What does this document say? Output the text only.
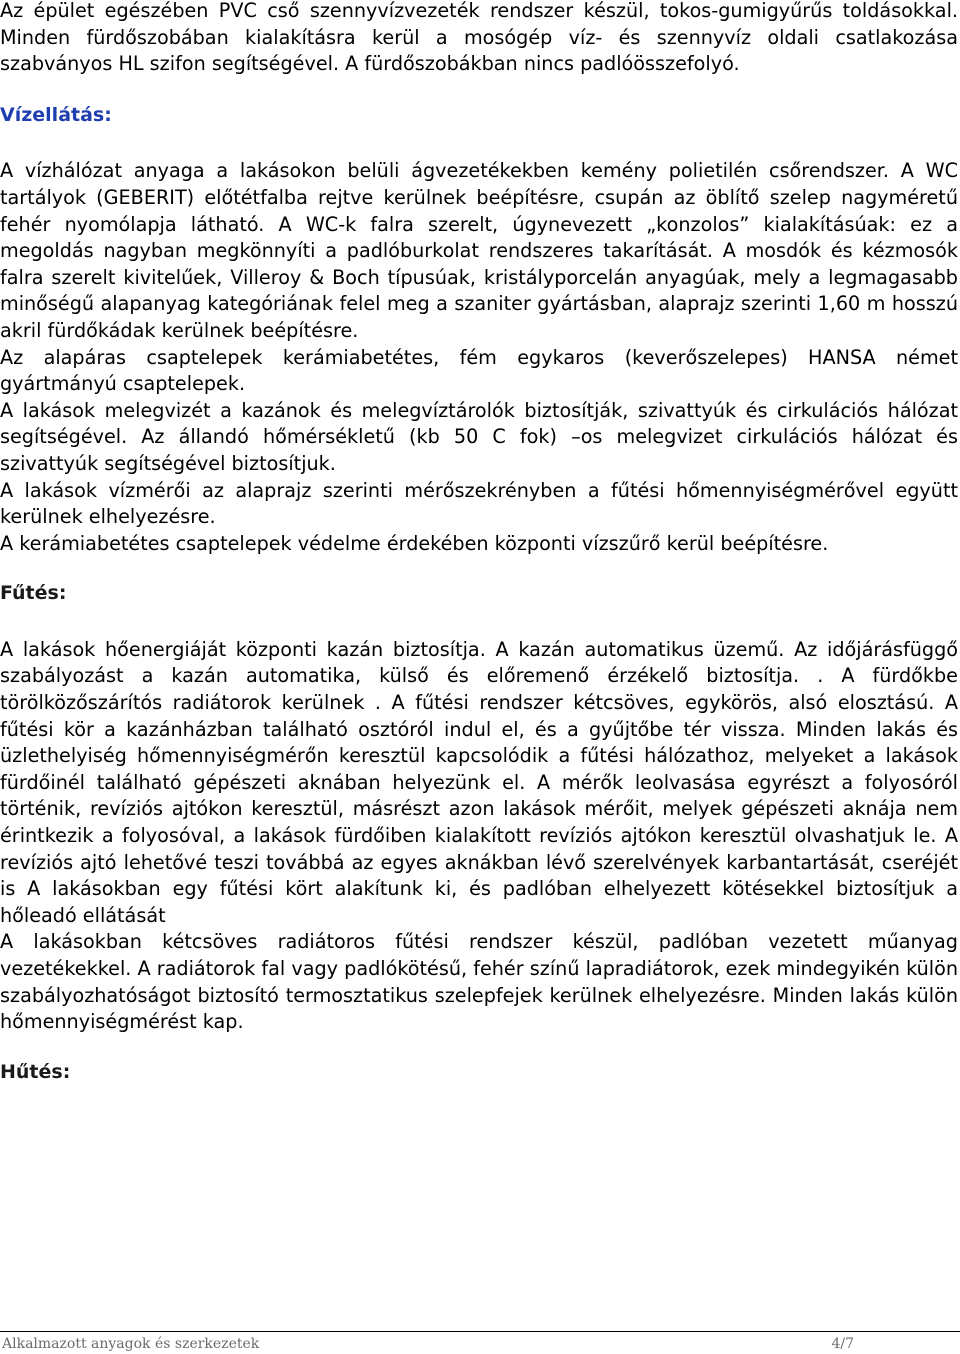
Az épület egészében PVC cső szennyvízvezeték rendszer készül, tokos-gumigyűrűs toldásokkal. Minden fürdőszobában kialakításra kerül a mosógép víz- és szennyvíz oldali csatlakozása szabványos HL szifon segítségével. A fürdőszobákban nincs padlóösszefolyó.

Vízellátás:

A vízhálózat anyaga a lakásokon belüli ágvezetékekben kemény polietilén csőrendszer. A WC tartályok (GEBERIT) előtétfalba rejtve kerülnek beépítésre, csupán az öblítő szelep nagyméretű fehér nyomólapja látható. A WC-k falra szerelt, úgynevezett „konzolos” kialakításúak: ez a megoldás nagyban megkönnyíti a padlóburkolat rendszeres takarítását. A mosdók és kézmosók falra szerelt kivitelűek, Villeroy & Boch típusúak, kristályporcelán anyagúak, mely a legmagasabb minőségű alapanyag kategóriának felel meg a szaniter gyártásban, alaprajz szerinti 1,60 m hosszú akril fürdőkádak kerülnek beépítésre.

Az alapáras csaptelepek kerámiabetétes, fém egykaros (keverőszelepes) HANSA német gyártmányú csaptelepek.

A lakások melegvizét a kazánok és melegvíztárolók biztosítják, szivattyúk és cirkulációs hálózat segítségével. Az állandó hőmérsékletű (kb 50 C fok) –os melegvizet cirkulációs hálózat és szivattyúk segítségével biztosítjuk.

A lakások vízmérői az alaprajz szerinti mérőszekrényben a fűtési hőmennyiségmérővel együtt kerülnek elhelyezésre.

A kerámiabetétes csaptelepek védelme érdekében központi vízszűrő kerül beépítésre.

Fűtés:

A lakások hőenergiáját központi kazán biztosítja. A kazán automatikus üzemű. Az időjárásfüggő szabályozást a kazán automatika, külső és előremenő érzékelő biztosítja. . A fürdőkbe törölközőszárítós radiátorok kerülnek . A fűtési rendszer kétcsöves, egykörös, alsó elosztású. A fűtési kör a kazánházban található osztóról indul el, és a gyűjtőbe tér vissza. Minden lakás és üzlethelyiség hőmennyiségmérőn keresztül kapcsolódik a fűtési hálózathoz, melyeket a lakások fürdőinél található gépészeti aknában helyezünk el. A mérők leolvasása egyrészt a folyosóról történik, revíziós ajtókon keresztül, másrészt azon lakások mérőit, melyek gépészeti aknája nem érintkezik a folyosóval, a lakások fürdőiben kialakított revíziós ajtókon keresztül olvashatjuk le. A revíziós ajtó lehetővé teszi továbbá az egyes aknákban lévő szerelvények karbantartását, cseréjét is A lakásokban egy fűtési kört alakítunk ki, és padlóban elhelyezett kötésekkel biztosítjuk a hőleadó ellátását

A lakásokban kétcsöves radiátoros fűtési rendszer készül, padlóban vezetett műanyag vezetékekkel. A radiátorok fal vagy padlókötésű, fehér színű lapradiátorok, ezek mindegyikén külön szabályozhatóságot biztosító termosztatikus szelepfejek kerülnek elhelyezésre. Minden lakás külön hőmennyiségmérést kap.

Hűtés:
Alkalmazott anyagok és szerkezetek	4/7
